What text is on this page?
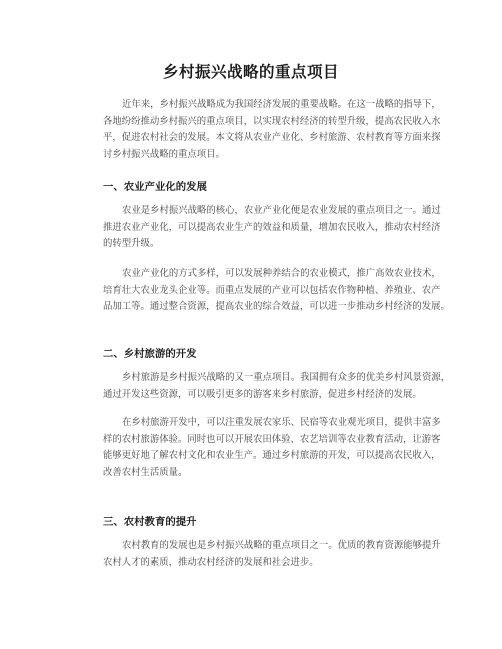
乡村振兴战略的重点项目
近年来，乡村振兴战略成为我国经济发展的重要战略。在这一战略的指导下，
各地纷纷推动乡村振兴的重点项目，以实现农村经济的转型升级，提高农民收入水
平，促进农村社会的发展。本文将从农业产业化、乡村旅游、农村教育等方面来探
讨乡村振兴战略的重点项目。
一、农业产业化的发展
农业是乡村振兴战略的核心，农业产业化便是农业发展的重点项目之一。通过
推进农业产业化，可以提高农业生产的效益和质量，增加农民收入，推动农村经济
的转型升级。
农业产业化的方式多样，可以发展种养结合的农业模式，推广高效农业技术，
培育壮大农业龙头企业等。而重点发展的产业可以包括农作物种植、养殖业、农产
品加工等。通过整合资源，提高农业的综合效益，可以进一步推动乡村经济的发展。
二、乡村旅游的开发
乡村旅游是乡村振兴战略的又一重点项目。我国拥有众多的优美乡村风景资源，
通过开发这些资源，可以吸引更多的游客来乡村旅游，促进乡村经济的发展。
在乡村旅游开发中，可以注重发展农家乐、民宿等农业观光项目，提供丰富多
样的农村旅游体验。同时也可以开展农田体验、农艺培训等农业教育活动，让游客
能够更好地了解农村文化和农业生产。通过乡村旅游的开发，可以提高农民收入，
改善农村生活质量。
三、农村教育的提升
农村教育的发展也是乡村振兴战略的重点项目之一。优质的教育资源能够提升
农村人才的素质，推动农村经济的发展和社会进步。
